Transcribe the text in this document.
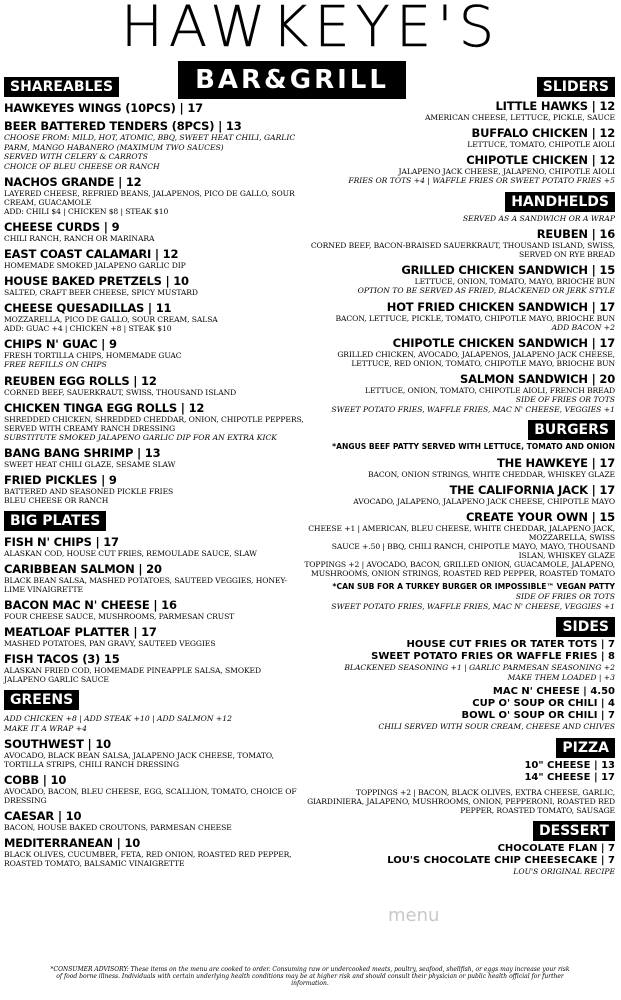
HAWKEYE'S
BAR&GRILL
SHAREABLES
HAWKEYES WINGS (10PCS) | 17
BEER BATTERED TENDERS (8PCS) | 13
CHOOSE FROM: MILD, HOT, ATOMIC, BBQ, SWEET HEAT CHILI, GARLIC PARM, MANGO HABANERO (MAXIMUM TWO SAUCES)
SERVED WITH CELERY & CARROTS
CHOICE OF BLEU CHEESE OR RANCH
NACHOS GRANDE | 12
LAYERED CHEESE, REFRIED BEANS, JALAPENOS, PICO DE GALLO, SOUR CREAM, GUACAMOLE
ADD: CHILI $4 | CHICKEN $8 | STEAK $10
CHEESE CURDS | 9
CHILI RANCH, RANCH OR MARINARA
EAST COAST CALAMARI | 12
HOMEMADE SMOKED JALAPENO GARLIC DIP
HOUSE BAKED PRETZELS | 10
SALTED, CRAFT BEER CHEESE, SPICY MUSTARD
CHEESE QUESADILLAS | 11
MOZZARELLA, PICO DE GALLO, SOUR CREAM, SALSA
ADD: GUAC +4 | CHICKEN +8 | STEAK $10
CHIPS N' GUAC | 9
FRESH TORTILLA CHIPS, HOMEMADE GUAC
FREE REFILLS ON CHIPS
REUBEN EGG ROLLS | 12
CORNED BEEF, SAUERKRAUT, SWISS, THOUSAND ISLAND
CHICKEN TINGA EGG ROLLS | 12
SHREDDED CHICKEN, SHREDDED CHEDDAR, ONION, CHIPOTLE PEPPERS, SERVED WITH CREAMY RANCH DRESSING
SUBSTITUTE SMOKED JALAPENO GARLIC DIP FOR AN EXTRA KICK
BANG BANG SHRIMP | 13
SWEET HEAT CHILI GLAZE, SESAME SLAW
FRIED PICKLES | 9
BATTERED AND SEASONED PICKLE FRIES
BLEU CHEESE OR RANCH
BIG PLATES
FISH N' CHIPS | 17
ALASKAN COD, HOUSE CUT FRIES, REMOULADE SAUCE, SLAW
CARIBBEAN SALMON | 20
BLACK BEAN SALSA, MASHED POTATOES, SAUTEED VEGGIES, HONEY-LIME VINAIGRETTE
BACON MAC N' CHEESE | 16
FOUR CHEESE SAUCE, MUSHROOMS, PARMESAN CRUST
MEATLOAF PLATTER | 17
MASHED POTATOES, PAN GRAVY, SAUTEED VEGGIES
FISH TACOS (3) 15
ALASKAN FRIED COD, HOMEMADE PINEAPPLE SALSA, SMOKED JALAPENO GARLIC SAUCE
GREENS
ADD CHICKEN +8 | ADD STEAK +10 | ADD SALMON +12
MAKE IT A WRAP +4
SOUTHWEST | 10
AVOCADO, BLACK BEAN SALSA, JALAPENO JACK CHEESE, TOMATO, TORTILLA STRIPS, CHILI RANCH DRESSING
COBB | 10
AVOCADO, BACON, BLEU CHEESE, EGG, SCALLION, TOMATO, CHOICE OF DRESSING
CAESAR | 10
BACON, HOUSE BAKED CROUTONS, PARMESAN CHEESE
MEDITERRANEAN | 10
BLACK OLIVES, CUCUMBER, FETA, RED ONION, ROASTED RED PEPPER, ROASTED TOMATO, BALSAMIC VINAIGRETTE
SLIDERS
LITTLE HAWKS | 12
AMERICAN CHEESE, LETTUCE, PICKLE, SAUCE
BUFFALO CHICKEN | 12
LETTUCE, TOMATO, CHIPOTLE AIOLI
CHIPOTLE CHICKEN | 12
JALAPENO JACK CHEESE, JALAPENO, CHIPOTLE AIOLI
FRIES OR TOTS +4 | WAFFLE FRIES OR SWEET POTATO FRIES +5
HANDHELDS
SERVED AS A SANDWICH OR A WRAP
REUBEN | 16
CORNED BEEF, BACON-BRAISED SAUERKRAUT, THOUSAND ISLAND, SWISS, SERVED ON RYE BREAD
GRILLED CHICKEN SANDWICH | 15
LETTUCE, ONION, TOMATO, MAYO, BRIOCHE BUN
OPTION TO BE SERVED AS FRIED, BLACKENED OR JERK STYLE
HOT FRIED CHICKEN SANDWICH | 17
BACON, LETTUCE, PICKLE, TOMATO, CHIPOTLE MAYO, BRIOCHE BUN
ADD BACON +2
CHIPOTLE CHICKEN SANDWICH | 17
GRILLED CHICKEN, AVOCADO, JALAPENOS, JALAPENO JACK CHEESE, LETTUCE, RED ONION, TOMATO, CHIPOTLE MAYO, BRIOCHE BUN
SALMON SANDWICH | 20
LETTUCE, ONION, TOMATO, CHIPOTLE AIOLI, FRENCH BREAD
SIDE OF FRIES OR TOTS
SWEET POTATO FRIES, WAFFLE FRIES, MAC N' CHEESE, VEGGIES +1
BURGERS
*ANGUS BEEF PATTY SERVED WITH LETTUCE, TOMATO AND ONION
THE HAWKEYE | 17
BACON, ONION STRINGS, WHITE CHEDDAR, WHISKEY GLAZE
THE CALIFORNIA JACK | 17
AVOCADO, JALAPENO, JALAPENO JACK CHEESE, CHIPOTLE MAYO
CREATE YOUR OWN | 15
CHEESE +1 | AMERICAN, BLEU CHEESE, WHITE CHEDDAR, JALAPENO JACK, MOZZARELLA, SWISS
SAUCE +.50 | BBQ, CHILI RANCH, CHIPOTLE MAYO, MAYO, THOUSAND ISLAN, WHISKEY GLAZE
TOPPINGS +2 | AVOCADO, BACON, GRILLED ONION, GUACAMOLE, JALAPENO, MUSHROOMS, ONION STRINGS, ROASTED RED PEPPER, ROASTED TOMATO
*CAN SUB FOR A TURKEY BURGER OR IMPOSSIBLE™ VEGAN PATTY
SIDE OF FRIES OR TOTS
SWEET POTATO FRIES, WAFFLE FRIES, MAC N' CHEESE, VEGGIES +1
SIDES
HOUSE CUT FRIES OR TATER TOTS | 7
SWEET POTATO FRIES OR WAFFLE FRIES | 8
BLACKENED SEASONING +1 | GARLIC PARMESAN SEASONING +2
MAKE THEM LOADED | +3
MAC N' CHEESE | 4.50
CUP O' SOUP OR CHILI | 4
BOWL O' SOUP OR CHILI | 7
CHILI SERVED WITH SOUR CREAM, CHEESE AND CHIVES
PIZZA
10" CHEESE | 13
14" CHEESE | 17
TOPPINGS +2 | BACON, BLACK OLIVES, EXTRA CHEESE, GARLIC, GIARDINIERA, JALAPENO, MUSHROOMS, ONION, PEPPERONI, ROASTED RED PEPPER, ROASTED TOMATO, SAUSAGE
DESSERT
CHOCOLATE FLAN | 7
LOU'S CHOCOLATE CHIP CHEESECAKE | 7
LOU'S ORIGINAL RECIPE
menu
*CONSUMER ADVISORY: These items on the menu are cooked to order. Consuming raw or undercooked meats, poultry, seafood, shellfish, or eggs may increase your risk of food borne illness. Individuals with certain underlying health conditions may be at higher risk and should consult their physician or public health official for further information.
